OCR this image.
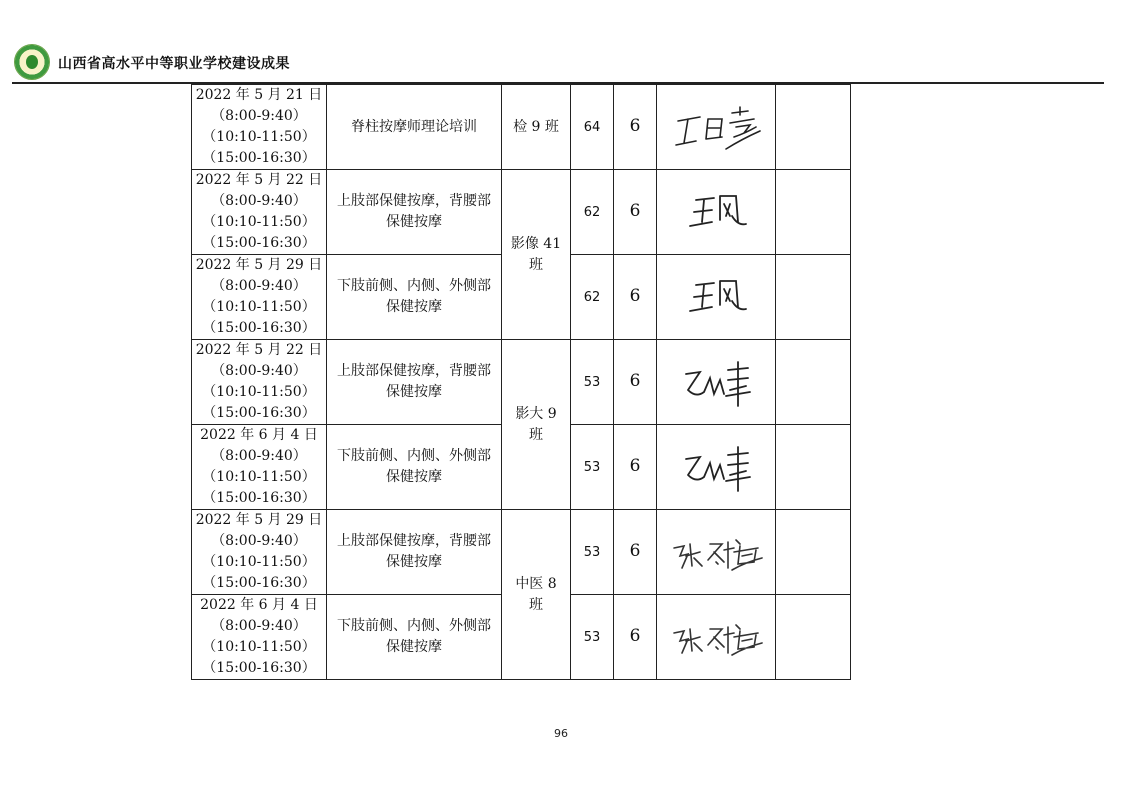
山西省高水平中等职业学校建设成果
2022 年 5 月 21 日
（8:00-9:40）
（10:10-11:50）
（15:00-16:30）	脊柱按摩师理论培训	检 9 班	64	6	

2022 年 5 月 22 日
（8:00-9:40）
（10:10-11:50）
（15:00-16:30）	上肢部保健按摩，背腰部保健按摩	影像 41
班	62	6	

2022 年 5 月 29 日
（8:00-9:40）
（10:10-11:50）
（15:00-16:30）	下肢前侧、内侧、外侧部保健按摩		62	6	

2022 年 5 月 22 日
（8:00-9:40）
（10:10-11:50）
（15:00-16:30）	上肢部保健按摩，背腰部保健按摩	影大 9
班	53	6	

2022 年 6 月 4 日
（8:00-9:40）
（10:10-11:50）
（15:00-16:30）	下肢前侧、内侧、外侧部保健按摩		53	6	

2022 年 5 月 29 日
（8:00-9:40）
（10:10-11:50）
（15:00-16:30）	上肢部保健按摩，背腰部保健按摩	中医 8
班	53	6	

2022 年 6 月 4 日
（8:00-9:40）
（10:10-11:50）
（15:00-16:30）	下肢前侧、内侧、外侧部保健按摩		53	6	

96
